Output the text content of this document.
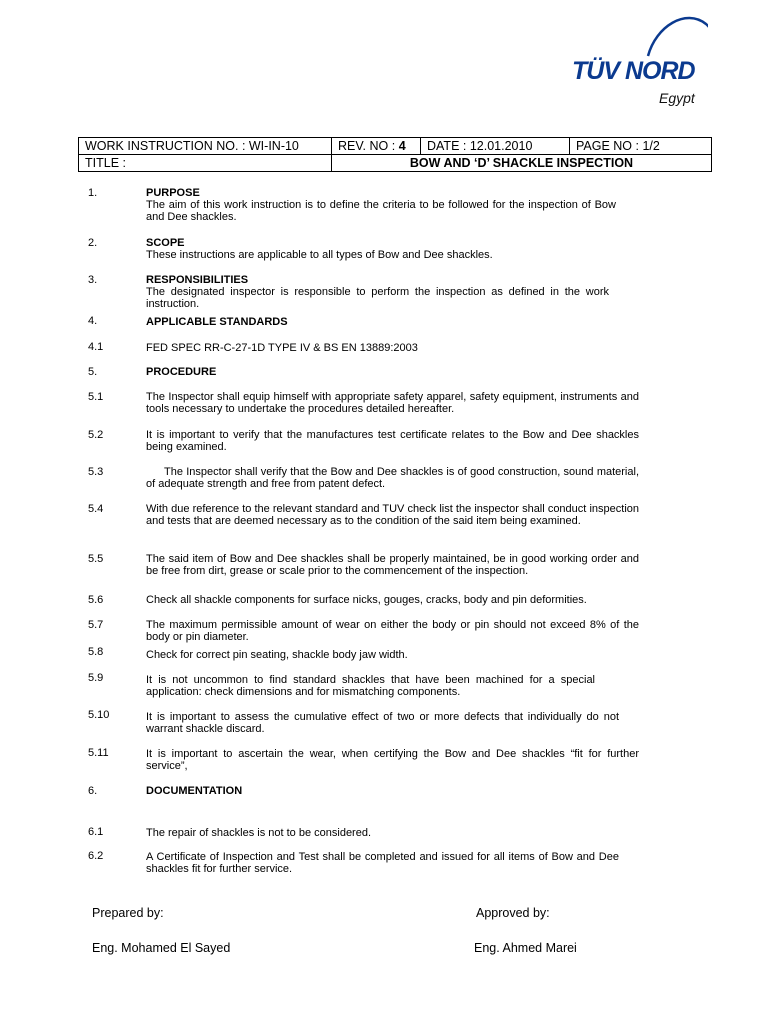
TÜV NORD
Egypt
WORK INSTRUCTION NO. : WI-IN-10	REV. NO : 4	DATE : 12.01.2010	PAGE NO : 1/2
TITLE :	BOW AND ‘D’ SHACKLE INSPECTION		
1.	PURPOSE
The aim of this work instruction is to define the criteria to be followed for the inspection of Bow and Dee shackles.
2.	SCOPE
These instructions are applicable to all types of Bow and Dee shackles.
3.	RESPONSIBILITIES
The designated inspector is responsible to perform the inspection as defined in the work instruction.
4.	APPLICABLE STANDARDS
4.1	FED SPEC RR-C-27-1D TYPE IV & BS EN 13889:2003
5.	PROCEDURE
5.1	The Inspector shall equip himself with appropriate safety apparel, safety equipment, instruments and tools necessary to undertake the procedures detailed hereafter.
5.2	It is important to verify that the manufactures test certificate relates to the Bow and Dee shackles being examined.
5.3	The Inspector shall verify that the Bow and Dee shackles is of good construction, sound material, of adequate strength and free from patent defect.
5.4	With due reference to the relevant standard and TUV check list the inspector shall conduct inspection and tests that are deemed necessary as to the condition of the said item being examined.
5.5	The said item of Bow and Dee shackles shall be properly maintained, be in good working order and be free from dirt, grease or scale prior to the commencement of the inspection.
5.6	Check all shackle components for surface nicks, gouges, cracks, body and pin deformities.
5.7	The maximum permissible amount of wear on either the body or pin should not exceed 8% of the body or pin diameter.
5.8	Check for correct pin seating, shackle body jaw width.
5.9	It is not uncommon to find standard shackles that have been machined for a special application: check dimensions and for mismatching components.
5.10	It is important to assess the cumulative effect of two or more defects that individually do not warrant shackle discard.
5.11	It is important to ascertain the wear, when certifying the Bow and Dee shackles “fit for further service”,
6.	DOCUMENTATION
6.1	The repair of shackles is not to be considered.
6.2	A Certificate of Inspection and Test shall be completed and issued for all items of Bow and Dee shackles fit for further service.
Prepared by:
Eng. Mohamed El Sayed
Approved by:
Eng. Ahmed Marei
